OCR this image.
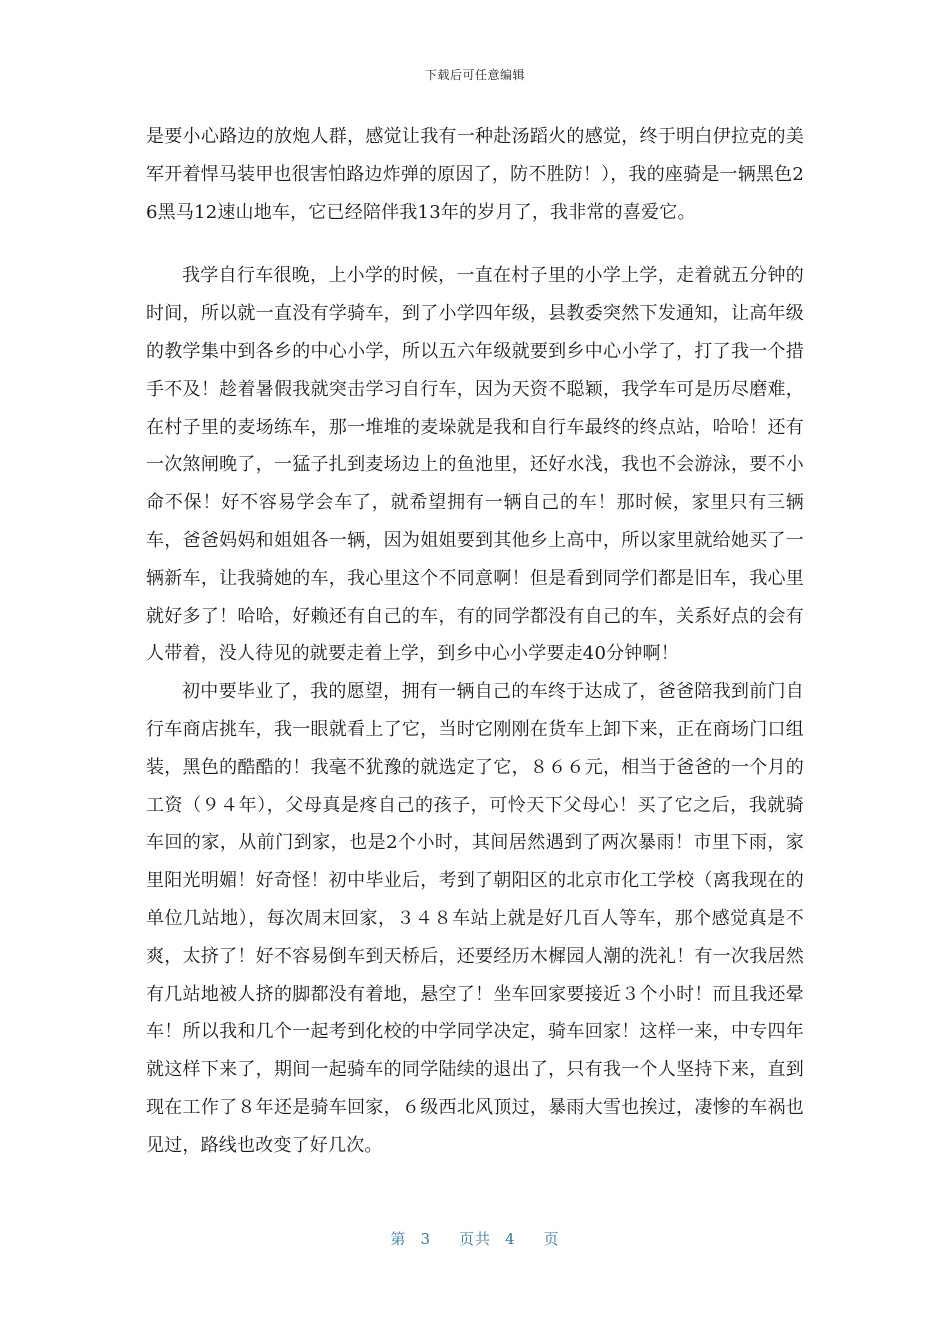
下载后可任意编辑

是要小心路边的放炮人群，感觉让我有一种赴汤蹈火的感觉，终于明白伊拉克的美军开着悍马装甲也很害怕路边炸弹的原因了，防不胜防！），我的座骑是一辆黑色26黑马12速山地车，它已经陪伴我13年的岁月了，我非常的喜爱它。

我学自行车很晚，上小学的时候，一直在村子里的小学上学，走着就五分钟的时间，所以就一直没有学骑车，到了小学四年级，县教委突然下发通知，让高年级的教学集中到各乡的中心小学，所以五六年级就要到乡中心小学了，打了我一个措手不及！趁着暑假我就突击学习自行车，因为天资不聪颖，我学车可是历尽磨难，在村子里的麦场练车，那一堆堆的麦垛就是我和自行车最终的终点站，哈哈！还有一次煞闸晚了，一猛子扎到麦场边上的鱼池里，还好水浅，我也不会游泳，要不小命不保！好不容易学会车了，就希望拥有一辆自己的车！那时候，家里只有三辆车，爸爸妈妈和姐姐各一辆，因为姐姐要到其他乡上高中，所以家里就给她买了一辆新车，让我骑她的车，我心里这个不同意啊！但是看到同学们都是旧车，我心里就好多了！哈哈，好赖还有自己的车，有的同学都没有自己的车，关系好点的会有人带着，没人待见的就要走着上学，到乡中心小学要走40分钟啊！

初中要毕业了，我的愿望，拥有一辆自己的车终于达成了，爸爸陪我到前门自行车商店挑车，我一眼就看上了它，当时它刚刚在货车上卸下来，正在商场门口组装，黑色的酷酷的！我毫不犹豫的就选定了它，８６６元，相当于爸爸的一个月的工资（９４年），父母真是疼自己的孩子，可怜天下父母心！买了它之后，我就骑车回的家，从前门到家，也是2个小时，其间居然遇到了两次暴雨！市里下雨，家里阳光明媚！好奇怪！初中毕业后，考到了朝阳区的北京市化工学校（离我现在的单位几站地），每次周末回家，３４８车站上就是好几百人等车，那个感觉真是不爽，太挤了！好不容易倒车到天桥后，还要经历木樨园人潮的洗礼！有一次我居然有几站地被人挤的脚都没有着地，悬空了！坐车回家要接近３个小时！而且我还晕车！所以我和几个一起考到化校的中学同学决定，骑车回家！这样一来，中专四年就这样下来了，期间一起骑车的同学陆续的退出了，只有我一个人坚持下来，直到现在工作了８年还是骑车回家，６级西北风顶过，暴雨大雪也挨过，凄惨的车祸也见过，路线也改变了好几次。

第 3 页共 4 页
